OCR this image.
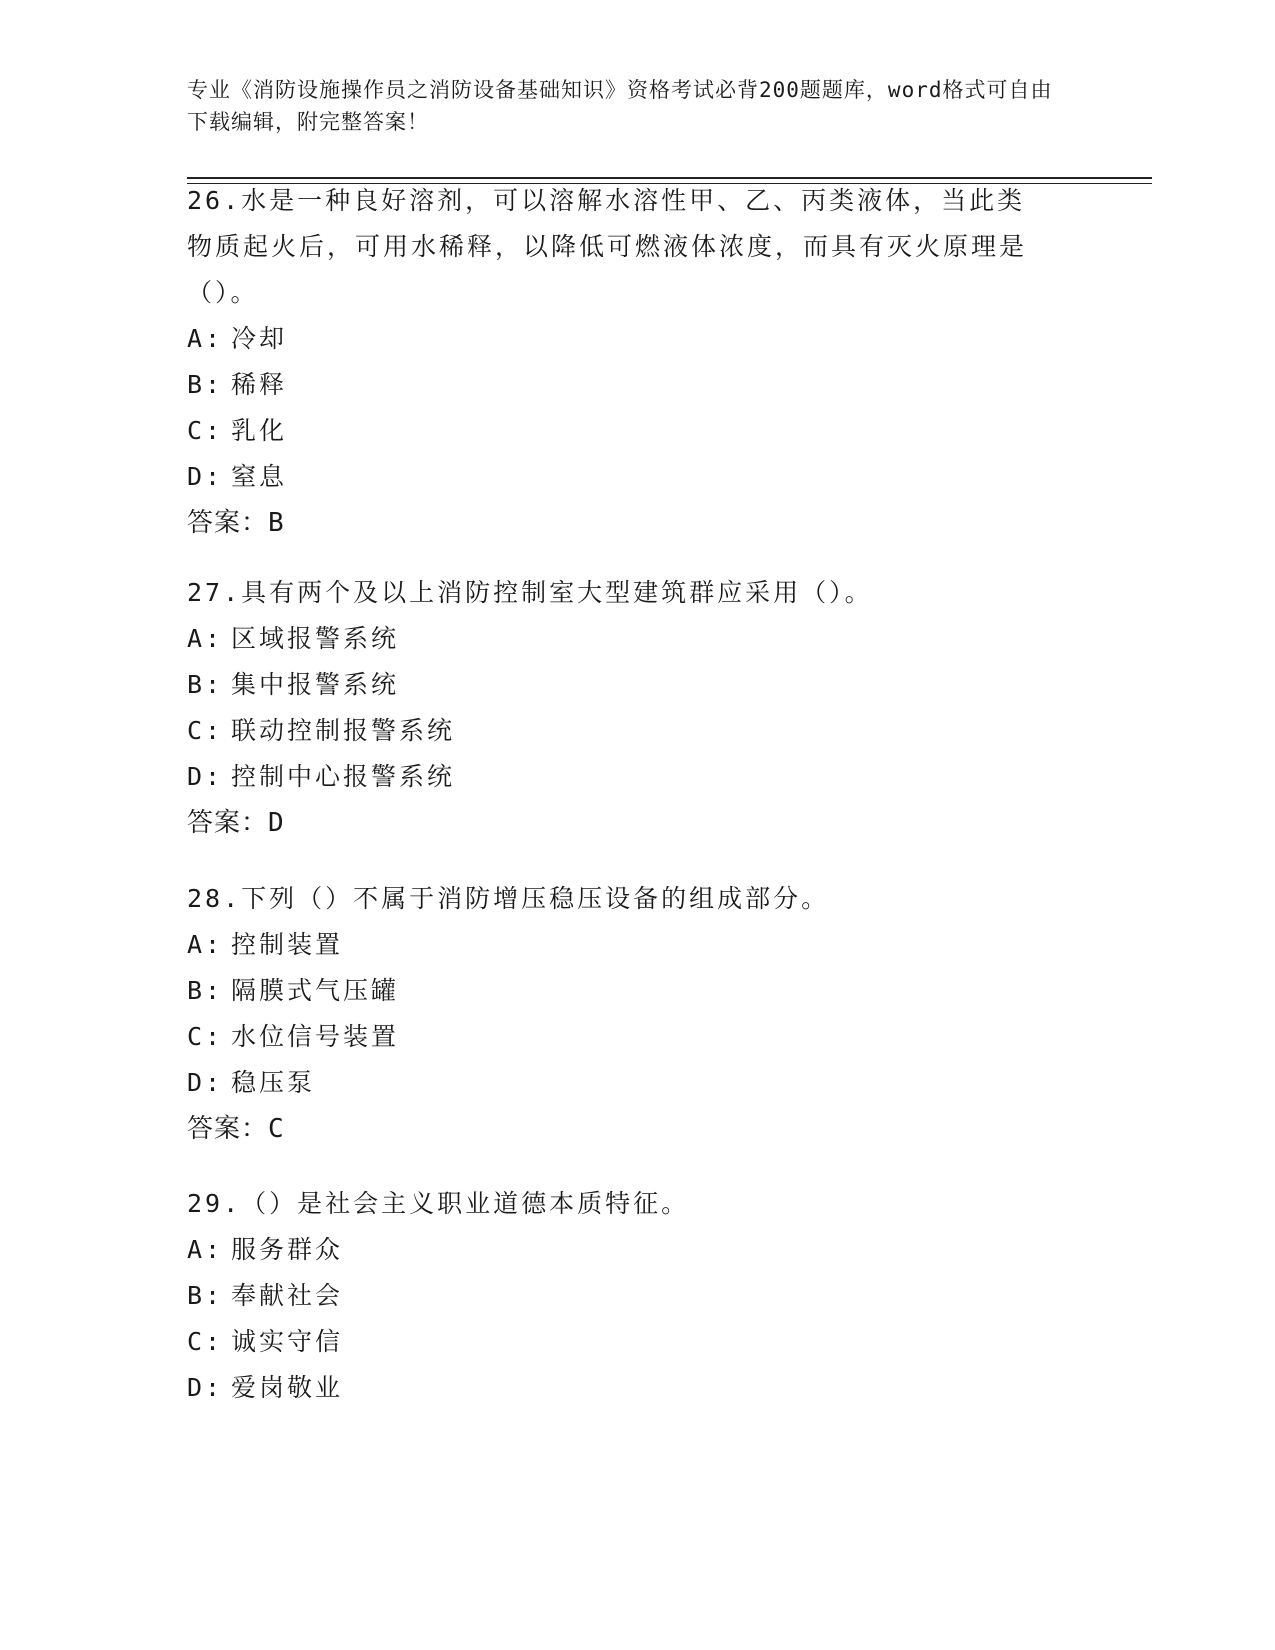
专业《消防设施操作员之消防设备基础知识》资格考试必背200题题库，word格式可自由下载编辑，附完整答案！
26.水是一种良好溶剂，可以溶解水溶性甲、乙、丙类液体，当此类物质起火后，可用水稀释，以降低可燃液体浓度，而具有灭火原理是（）。
A: 冷却
B: 稀释
C: 乳化
D: 窒息
答案：B
27.具有两个及以上消防控制室大型建筑群应采用（）。
A: 区域报警系统
B: 集中报警系统
C: 联动控制报警系统
D: 控制中心报警系统
答案：D
28.下列（）不属于消防增压稳压设备的组成部分。
A: 控制装置
B: 隔膜式气压罐
C: 水位信号装置
D: 稳压泵
答案：C
29.（）是社会主义职业道德本质特征。
A: 服务群众
B: 奉献社会
C: 诚实守信
D: 爱岗敬业
